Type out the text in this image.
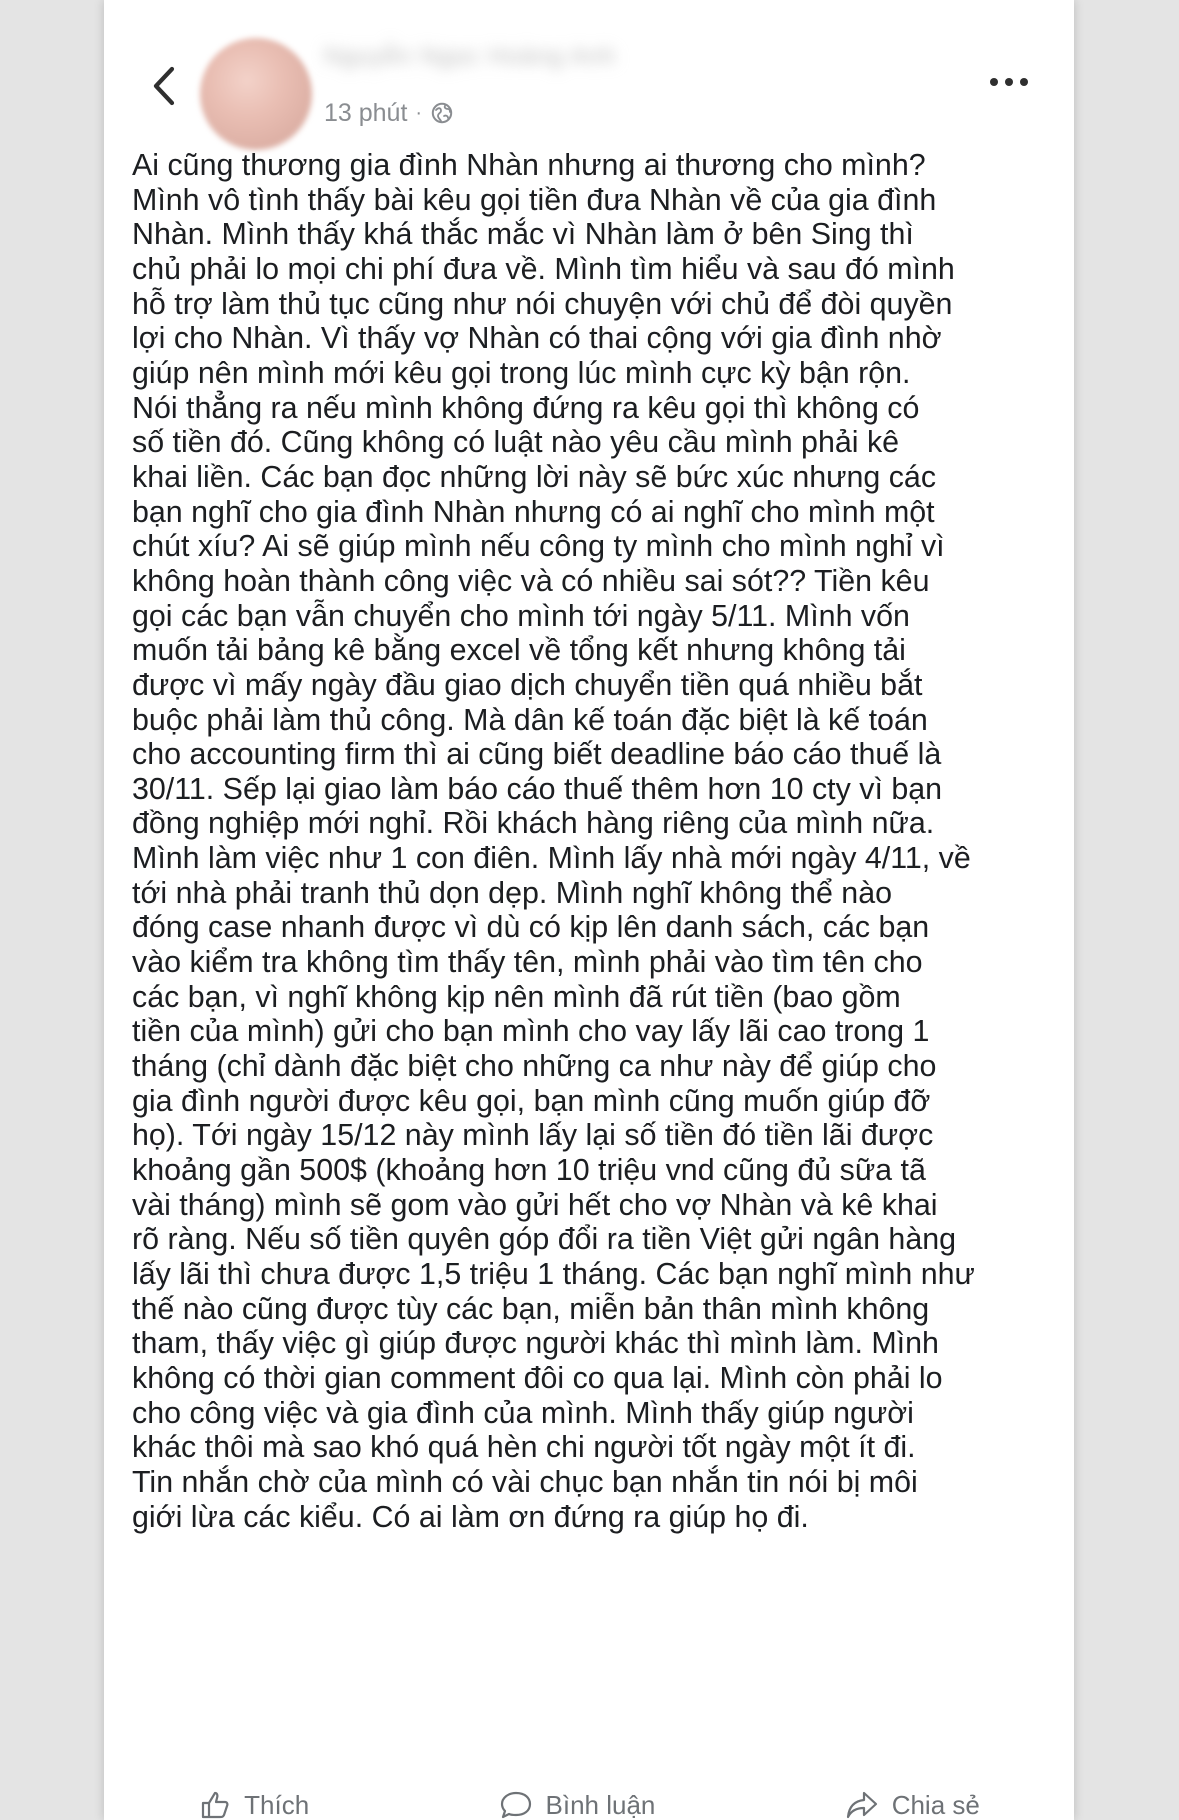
Nguyễn Ngọc Hoàng Anh
13 phút ·
Ai cũng thương gia đình Nhàn nhưng ai thương cho mình?
Mình vô tình thấy bài kêu gọi tiền đưa Nhàn về của gia đình
Nhàn. Mình thấy khá thắc mắc vì Nhàn làm ở bên Sing thì
chủ phải lo mọi chi phí đưa về. Mình tìm hiểu và sau đó mình
hỗ trợ làm thủ tục cũng như nói chuyện với chủ để đòi quyền
lợi cho Nhàn. Vì thấy vợ Nhàn có thai cộng với gia đình nhờ
giúp nên mình mới kêu gọi trong lúc mình cực kỳ bận rộn.
Nói thẳng ra nếu mình không đứng ra kêu gọi thì không có
số tiền đó. Cũng không có luật nào yêu cầu mình phải kê
khai liền. Các bạn đọc những lời này sẽ bức xúc nhưng các
bạn nghĩ cho gia đình Nhàn nhưng có ai nghĩ cho mình một
chút xíu? Ai sẽ giúp mình nếu công ty mình cho mình nghỉ vì
không hoàn thành công việc và có nhiều sai sót?? Tiền kêu
gọi các bạn vẫn chuyển cho mình tới ngày 5/11. Mình vốn
muốn tải bảng kê bằng excel về tổng kết nhưng không tải
được vì mấy ngày đầu giao dịch chuyển tiền quá nhiều bắt
buộc phải làm thủ công. Mà dân kế toán đặc biệt là kế toán
cho accounting firm thì ai cũng biết deadline báo cáo thuế là
30/11. Sếp lại giao làm báo cáo thuế thêm hơn 10 cty vì bạn
đồng nghiệp mới nghỉ. Rồi khách hàng riêng của mình nữa.
Mình làm việc như 1 con điên. Mình lấy nhà mới ngày 4/11, về
tới nhà phải tranh thủ dọn dẹp. Mình nghĩ không thể nào
đóng case nhanh được vì dù có kịp lên danh sách, các bạn
vào kiểm tra không tìm thấy tên, mình phải vào tìm tên cho
các bạn, vì nghĩ không kịp nên mình đã rút tiền (bao gồm
tiền của mình) gửi cho bạn mình cho vay lấy lãi cao trong 1
tháng (chỉ dành đặc biệt cho những ca như này để giúp cho
gia đình người được kêu gọi, bạn mình cũng muốn giúp đỡ
họ). Tới ngày 15/12 này mình lấy lại số tiền đó tiền lãi được
khoảng gần 500$ (khoảng hơn 10 triệu vnd cũng đủ sữa tã
vài tháng) mình sẽ gom vào gửi hết cho vợ Nhàn và kê khai
rõ ràng. Nếu số tiền quyên góp đổi ra tiền Việt gửi ngân hàng
lấy lãi thì chưa được 1,5 triệu 1 tháng. Các bạn nghĩ mình như
thế nào cũng được tùy các bạn, miễn bản thân mình không
tham, thấy việc gì giúp được người khác thì mình làm. Mình
không có thời gian comment đôi co qua lại. Mình còn phải lo
cho công việc và gia đình của mình. Mình thấy giúp người
khác thôi mà sao khó quá hèn chi người tốt ngày một ít đi.
Tin nhắn chờ của mình có vài chục bạn nhắn tin nói bị môi
giới lừa các kiểu. Có ai làm ơn đứng ra giúp họ đi.
Thích	Bình luận	Chia sẻ
